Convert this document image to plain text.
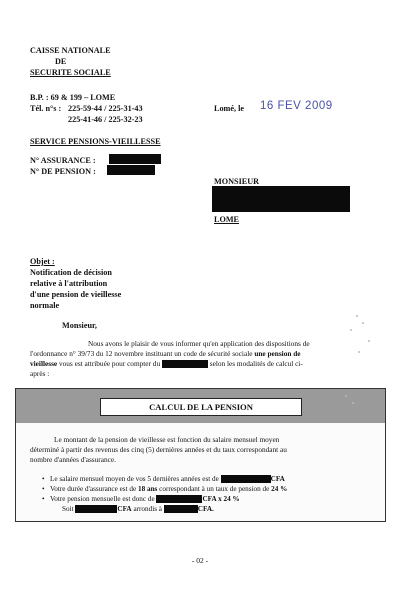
CAISSE NATIONALE
DE
SECURITE SOCIALE
B.P. : 69 & 199 – LOME
Tél. n°s : 225-59-44 / 225-31-43
225-41-46 / 225-32-23
Lomé, le 16 FEV 2009
SERVICE PENSIONS-VIEILLESSE
N° ASSURANCE :
N° DE PENSION :
MONSIEUR
LOME
Objet :
Notification de décision
relative à l'attribution
d'une pension de vieillesse
normale
Monsieur,
Nous avons le plaisir de vous informer qu'en application des dispositions de
l'ordonnance n° 39/73 du 12 novembre instituant un code de sécurité sociale une pension de
vieillesse vous est attribuée pour compter du	selon les modalités de calcul ci-
après :
CALCUL DE LA PENSION
Le montant de la pension de vieillesse est fonction du salaire mensuel moyen
déterminé à partir des revenus des cinq (5) dernières années et du taux correspondant au
nombre d'années d'assurance.
• Le salaire mensuel moyen de vos 5 dernières années est de	CFA
• Votre durée d'assurance est de 18 ans correspondant à un taux de pension de 24 %
• Votre pension mensuelle est donc de	CFA x 24 %
Soit	CFA arrondis à	CFA.
- 02 -
